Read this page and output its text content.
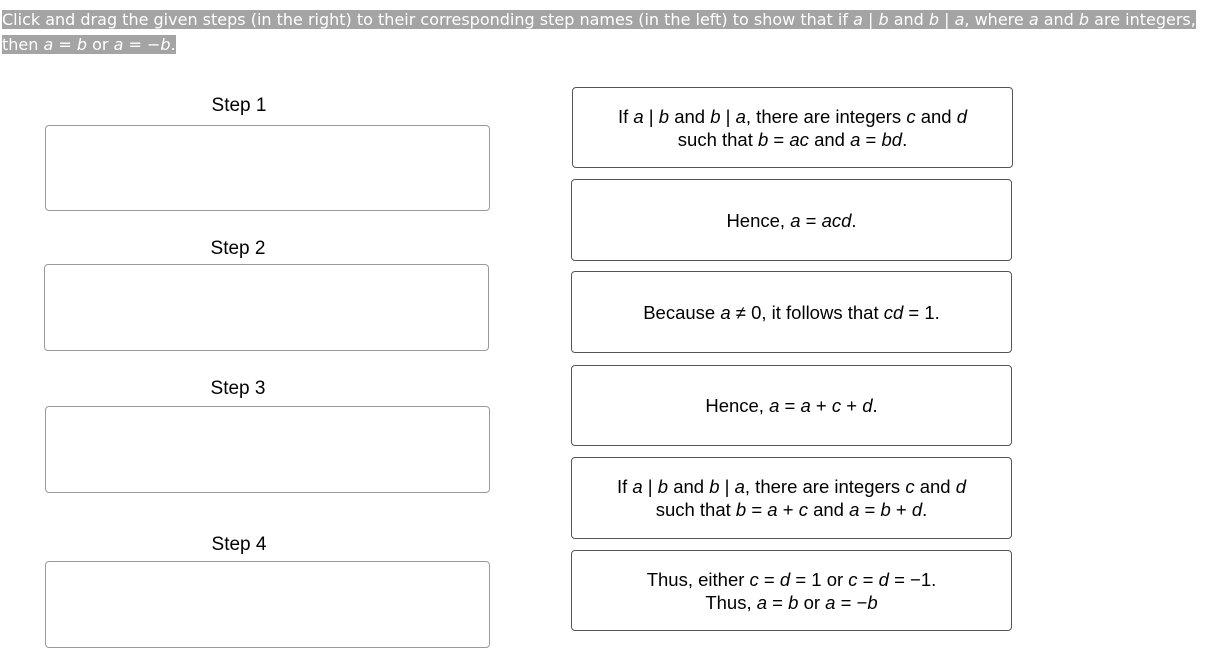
Click and drag the given steps (in the right) to their corresponding step names (in the left) to show that if a | b and b | a, where a and b are integers, then a = b or a = −b.
Step 1
Step 2
Step 3
Step 4
If a | b and b | a, there are integers c and d
such that b = ac and a = bd.
Hence, a = acd.
Because a ≠ 0, it follows that cd = 1.
Hence, a = a + c + d.
If a | b and b | a, there are integers c and d
such that b = a + c and a = b + d.
Thus, either c = d = 1 or c = d = −1.
Thus, a = b or a = −b
